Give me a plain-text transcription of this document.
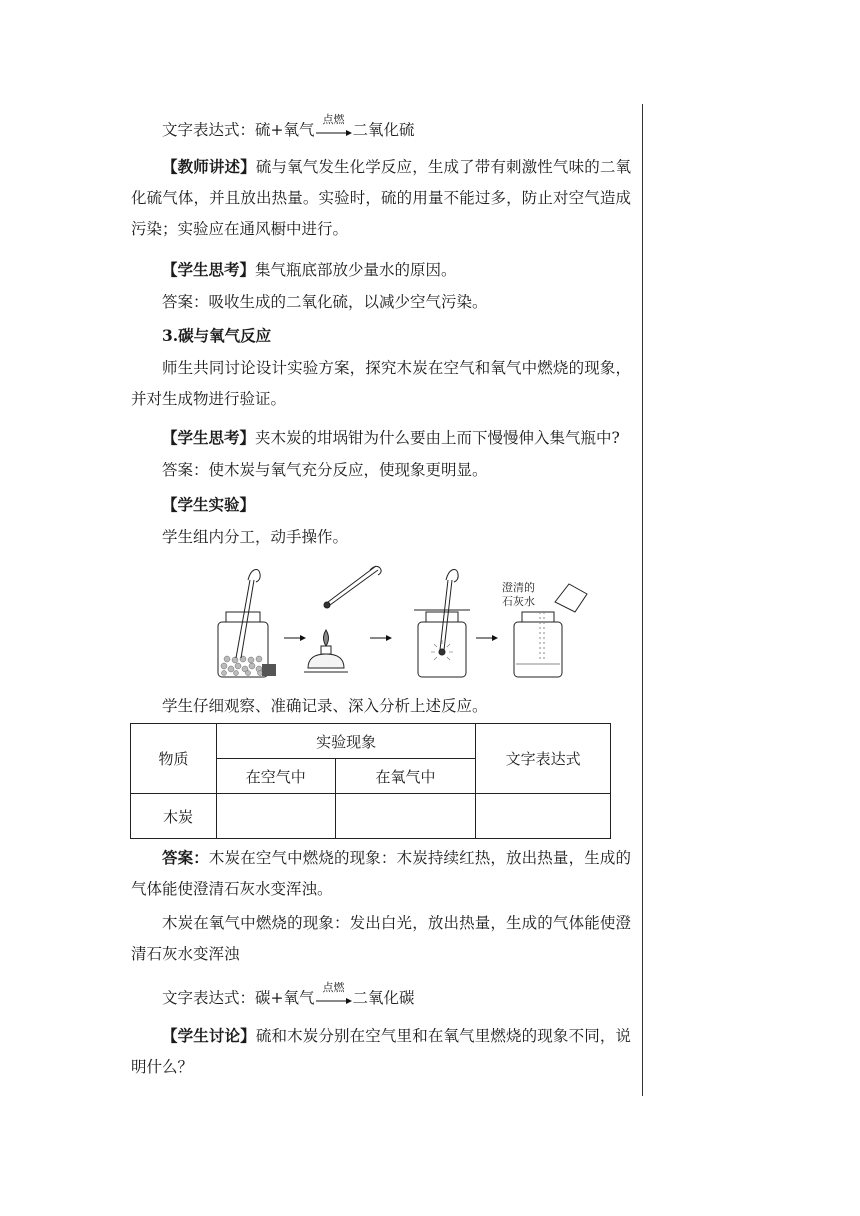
文字表达式：硫+氧气
点燃
二氧化硫

【教师讲述】硫与氧气发生化学反应，生成了带有刺激性气味的二氧化硫气体，并且放出热量。实验时，硫的用量不能过多，防止对空气造成污染；实验应在通风橱中进行。

【学生思考】集气瓶底部放少量水的原因。

答案：吸收生成的二氧化硫，以减少空气污染。

3.碳与氧气反应

师生共同讨论设计实验方案，探究木炭在空气和氧气中燃烧的现象，并对生成物进行验证。

【学生思考】夹木炭的坩埚钳为什么要由上而下慢慢伸入集气瓶中?

答案：使木炭与氧气充分反应，使现象更明显。

【学生实验】

学生组内分工，动手操作。

澄清的
石灰水

学生仔细观察、准确记录、深入分析上述反应。

物质	实验现象		文字表达式
	在空气中	在氧气中	
木炭			

答案：木炭在空气中燃烧的现象：木炭持续红热，放出热量，生成的气体能使澄清石灰水变浑浊。

木炭在氧气中燃烧的现象：发出白光，放出热量，生成的气体能使澄清石灰水变浑浊

文字表达式：碳+氧气
点燃
二氧化碳

【学生讨论】硫和木炭分别在空气里和在氧气里燃烧的现象不同，说明什么？
